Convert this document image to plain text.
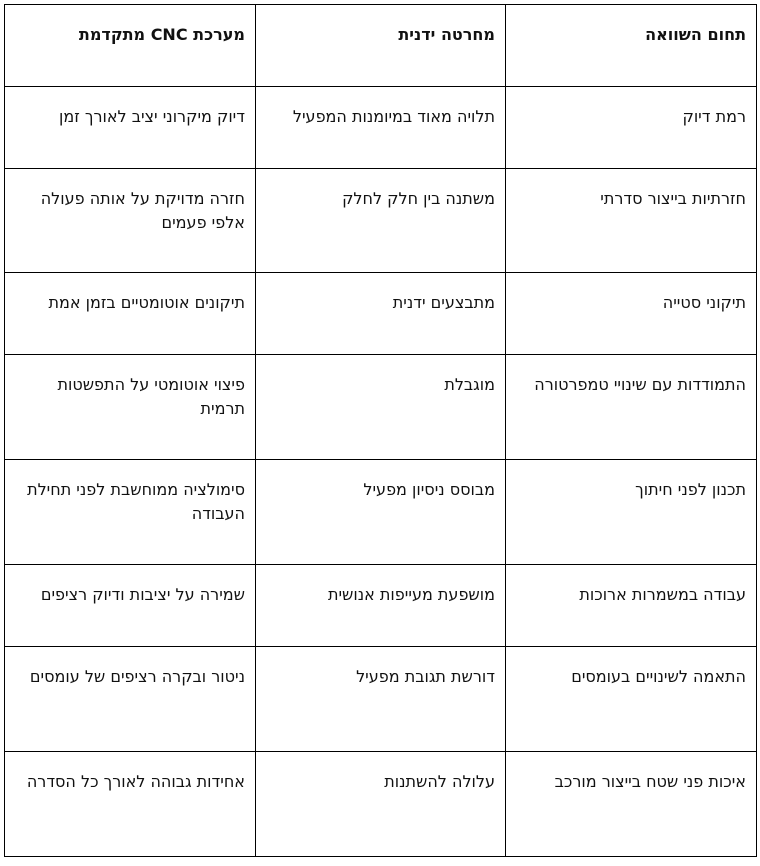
תחום השוואה	מחרטה ידנית	מערכת CNC מתקדמת
רמת דיוק	תלויה מאוד במיומנות המפעיל	דיוק מיקרוני יציב לאורך זמן
חזרתיות בייצור סדרתי	משתנה בין חלק לחלק	חזרה מדויקת על אותה פעולה אלפי פעמים
תיקוני סטייה	מתבצעים ידנית	תיקונים אוטומטיים בזמן אמת
התמודדות עם שינויי טמפרטורה	מוגבלת	פיצוי אוטומטי על התפשטות תרמית
תכנון לפני חיתוך	מבוסס ניסיון מפעיל	סימולציה ממוחשבת לפני תחילת העבודה
עבודה במשמרות ארוכות	מושפעת מעייפות אנושית	שמירה על יציבות ודיוק רציפים
התאמה לשינויים בעומסים	דורשת תגובת מפעיל	ניטור ובקרה רציפים של עומסים
איכות פני שטח בייצור מורכב	עלולה להשתנות	אחידות גבוהה לאורך כל הסדרה
